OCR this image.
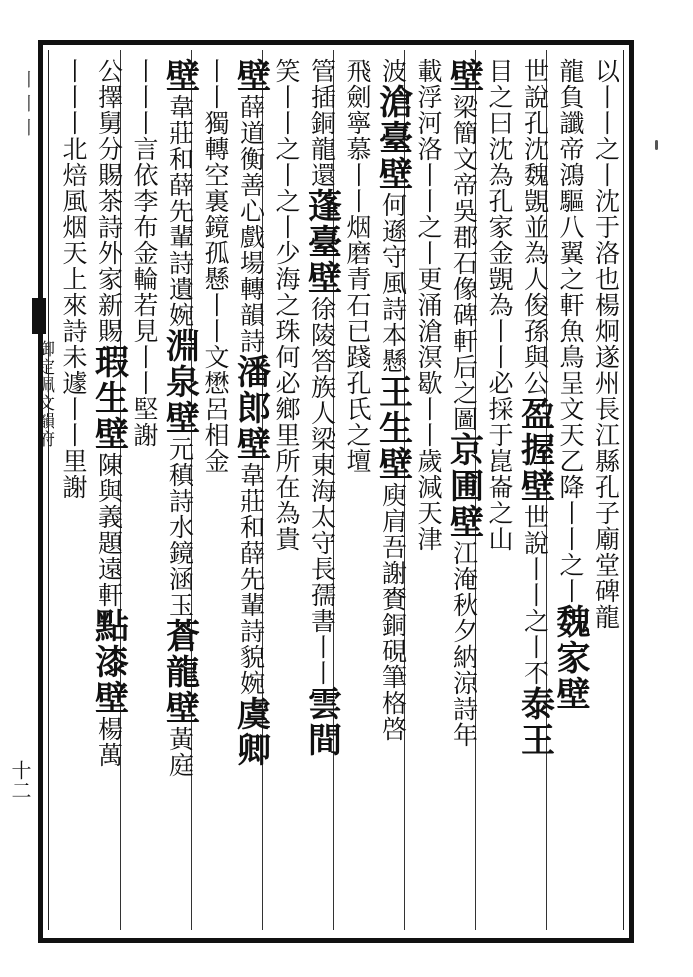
丨丨丨
御定佩文韻府
十二
以丨丨之丨沈于洛也楊炯遂州長江縣孔子廟堂碑龍
龍負讖帝鴻驅八翼之軒魚鳥呈文天乙降丨丨之丨魏家壁
世說孔沈魏覬並為人俊孫與公盈握壁世說丨丨之丨不泰王
目之曰沈為孔家金覬為丨丨必採于崑崙之山
壁梁簡文帝吳郡石像碑軒后之圖京圃壁江淹秋夕納涼詩年
載浮河洛丨丨之丨更涌滄溟歇丨丨歲減天津
波滄臺壁何遜守風詩本懸王生壁庾肩吾謝賚銅硯筆格啓
飛劍寧慕丨丨烟磨青石已踐孔氏之壇
管插銅龍還蓬臺壁徐陵答族人梁東海太守長孺書丨丨雲間
笑丨丨之丨之丨少海之珠何必鄉里所在為貴
壁薛道衡善心戲場轉韻詩潘郎壁韋莊和薛先輩詩貌婉虞卿
丨丨獨轉空裏鏡孤懸丨丨文懋呂相金
壁韋莊和薛先輩詩遺婉淵泉壁元稹詩水鏡涵玉蒼龍壁黃庭
丨丨丨言依李布金輪若見丨丨堅謝
公擇舅分賜茶詩外家新賜瑕生壁陳與義題遠軒點漆壁楊萬
丨丨丨北焙風烟天上來詩未遽丨丨里謝
